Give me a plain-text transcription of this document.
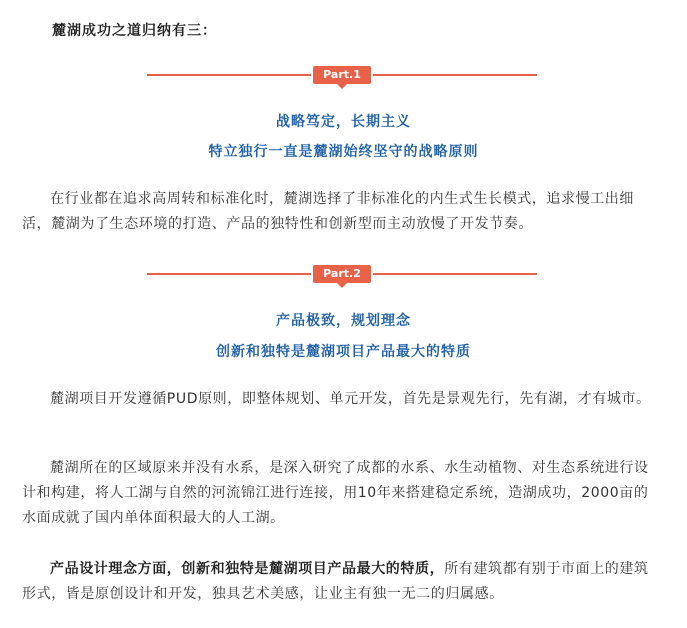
麓湖成功之道归纳有三：

Part.1

战略笃定，长期主义

特立独行一直是麓湖始终坚守的战略原则

在行业都在追求高周转和标准化时，麓湖选择了非标准化的内生式生长模式，追求慢工出细活，麓湖为了生态环境的打造、产品的独特性和创新型而主动放慢了开发节奏。

Part.2

产品极致，规划理念

创新和独特是麓湖项目产品最大的特质

麓湖项目开发遵循PUD原则，即整体规划、单元开发，首先是景观先行，先有湖，才有城市。

麓湖所在的区域原来并没有水系，是深入研究了成都的水系、水生动植物、对生态系统进行设计和构建，将人工湖与自然的河流锦江进行连接，用10年来搭建稳定系统，造湖成功，2000亩的水面成就了国内单体面积最大的人工湖。

产品设计理念方面，创新和独特是麓湖项目产品最大的特质，所有建筑都有别于市面上的建筑形式，皆是原创设计和开发，独具艺术美感，让业主有独一无二的归属感。
